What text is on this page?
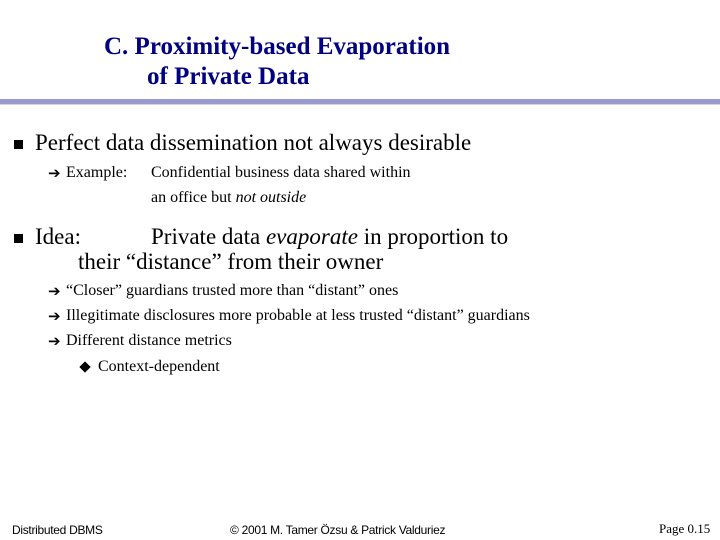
C. Proximity-based Evaporation
of Private Data
Perfect data dissemination not always desirable
➔ Example: Confidential business data shared within
an office but not outside
Idea:	Private data evaporate in proportion to
their “distance” from their owner
➔ “Closer” guardians trusted more than “distant” ones
➔ Illegitimate disclosures more probable at less trusted “distant” guardians
➔ Different distance metrics
Context-dependent
Distributed DBMS	© 2001 M. Tamer Özsu & Patrick Valduriez	Page 0.15
